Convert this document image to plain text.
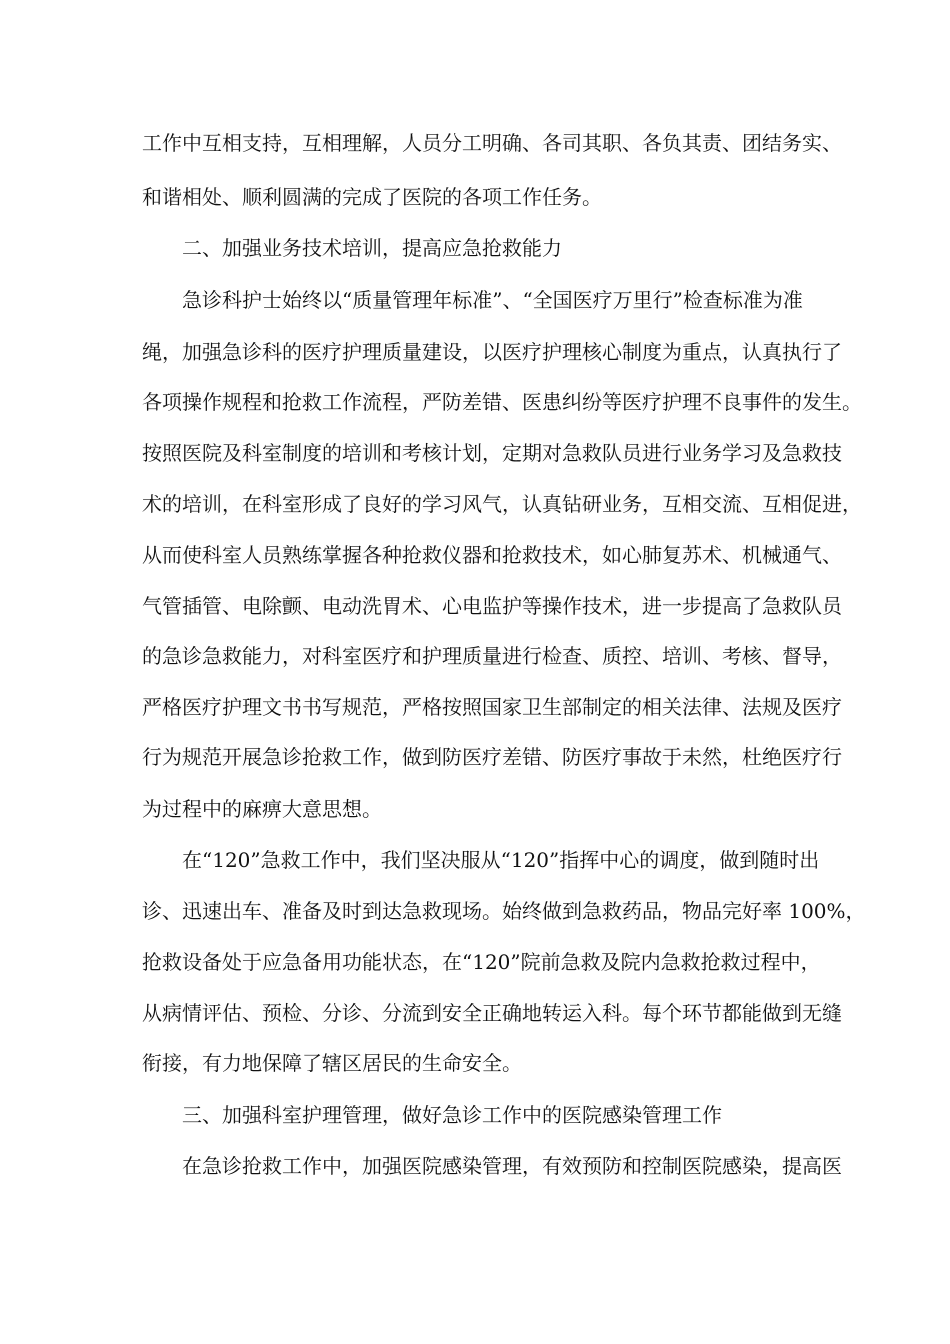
工作中互相支持，互相理解，人员分工明确、各司其职、各负其责、团结务实、
和谐相处、顺利圆满的完成了医院的各项工作任务。
二、加强业务技术培训，提高应急抢救能力
急诊科护士始终以“质量管理年标准”、“全国医疗万里行”检查标准为准
绳，加强急诊科的医疗护理质量建设，以医疗护理核心制度为重点，认真执行了
各项操作规程和抢救工作流程，严防差错、医患纠纷等医疗护理不良事件的发生。
按照医院及科室制度的培训和考核计划，定期对急救队员进行业务学习及急救技
术的培训，在科室形成了良好的学习风气，认真钻研业务，互相交流、互相促进，
从而使科室人员熟练掌握各种抢救仪器和抢救技术，如心肺复苏术、机械通气、
气管插管、电除颤、电动洗胃术、心电监护等操作技术，进一步提高了急救队员
的急诊急救能力，对科室医疗和护理质量进行检查、质控、培训、考核、督导，
严格医疗护理文书书写规范，严格按照国家卫生部制定的相关法律、法规及医疗
行为规范开展急诊抢救工作，做到防医疗差错、防医疗事故于未然，杜绝医疗行
为过程中的麻痹大意思想。
在“120”急救工作中，我们坚决服从“120”指挥中心的调度，做到随时出
诊、迅速出车、准备及时到达急救现场。始终做到急救药品，物品完好率 100%，
抢救设备处于应急备用功能状态，在“120”院前急救及院内急救抢救过程中，
从病情评估、预检、分诊、分流到安全正确地转运入科。每个环节都能做到无缝
衔接，有力地保障了辖区居民的生命安全。
三、加强科室护理管理，做好急诊工作中的医院感染管理工作
在急诊抢救工作中，加强医院感染管理，有效预防和控制医院感染，提高医
